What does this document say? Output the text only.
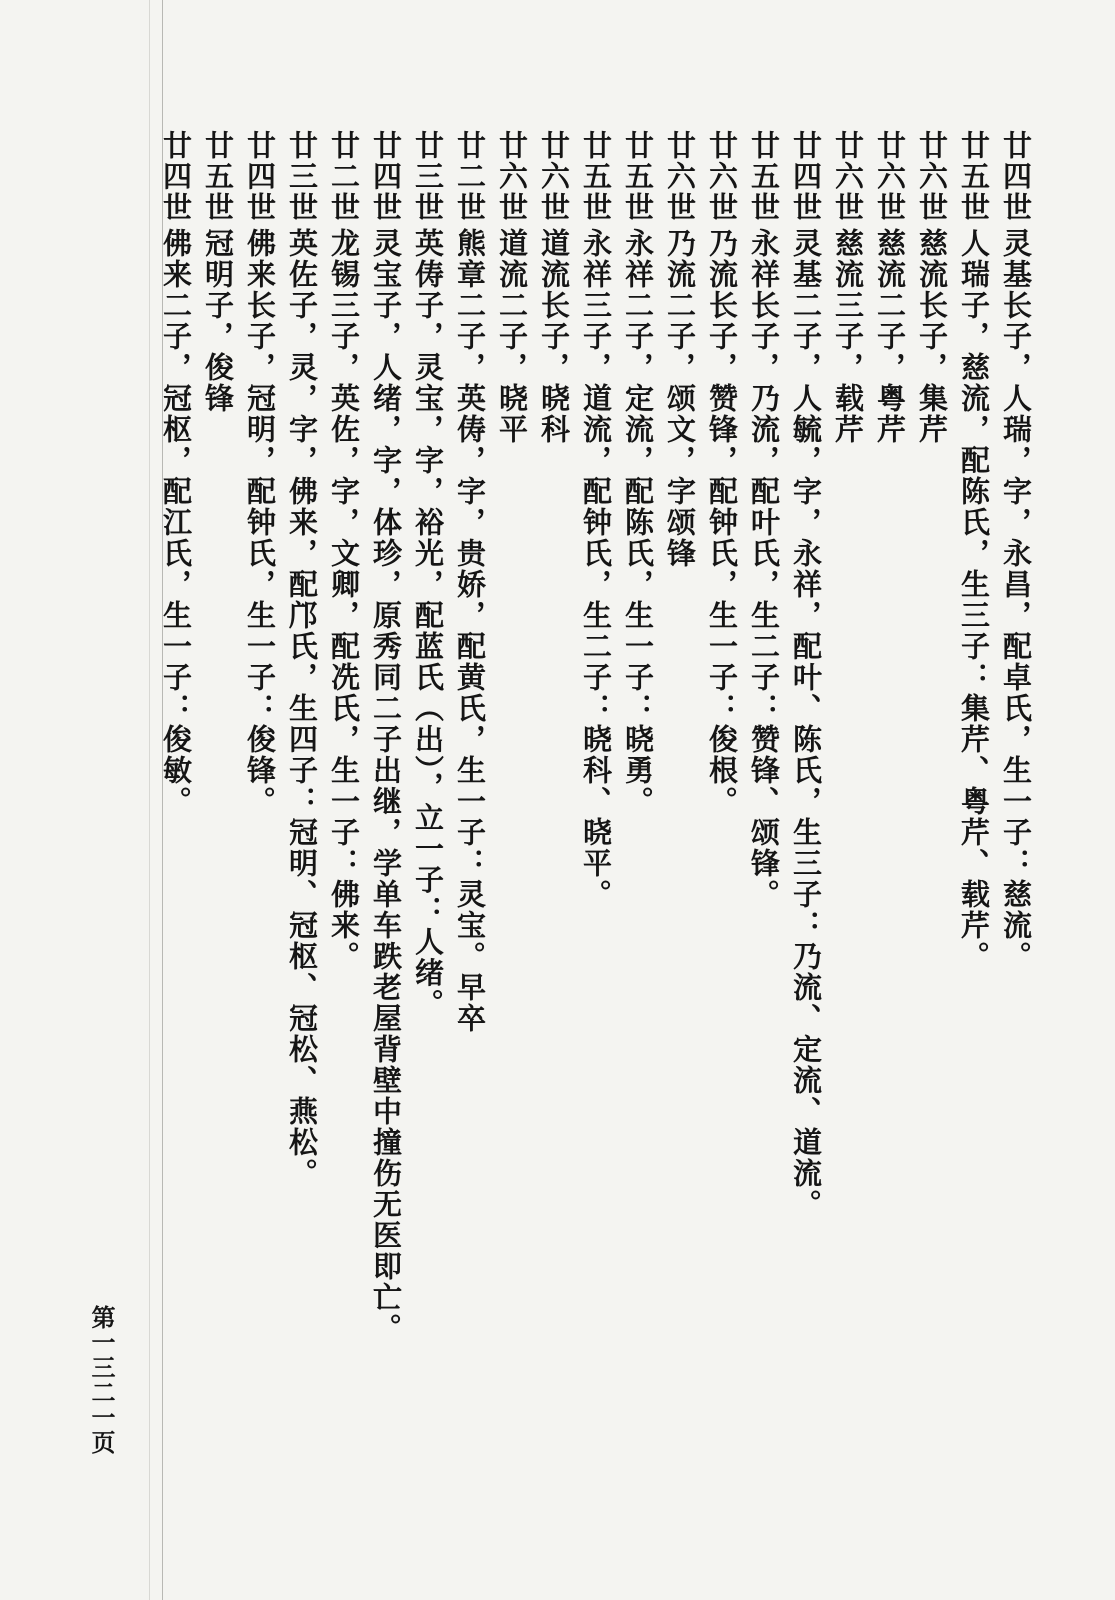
廿四世灵基长子，人瑞，字，永昌，配卓氏，生一子：慈流。
廿五世人瑞子，慈流，配陈氏，生三子：集芹、粤芹、载芹。
廿六世慈流长子，集芹
廿六世慈流二子，粤芹
廿六世慈流三子，载芹
廿四世灵基二子，人毓，字，永祥，配叶、陈氏，生三子：乃流、定流、道流。
廿五世永祥长子，乃流，配叶氏，生二子：赞锋、颂锋。
廿六世乃流长子，赞锋，配钟氏，生一子：俊根。
廿六世乃流二子，颂文，字颂锋
廿五世永祥二子，定流，配陈氏，生一子：晓勇。
廿五世永祥三子，道流，配钟氏，生二子：晓科、晓平。
廿六世道流长子，晓科
廿六世道流二子，晓平
廿二世熊章二子，英俦，字，贵娇，配黄氏，生一子：灵宝。早卒
廿三世英俦子，灵宝，字，裕光，配蓝氏（出），立一子：人绪。
廿四世灵宝子，人绪，字，体珍，原秀同二子出继，学单车跌老屋背壁中撞伤无医即亡。
廿二世龙锡三子，英佐，字，文卿，配冼氏，生一子：佛来。
廿三世英佐子，灵，字，佛来，配邝氏，生四子：冠明、冠枢、冠松、燕松。
廿四世佛来长子，冠明，配钟氏，生一子：俊锋。
廿五世冠明子，俊锋
廿四世佛来二子，冠枢，配江氏，生一子：俊敏。
第一三二一页
